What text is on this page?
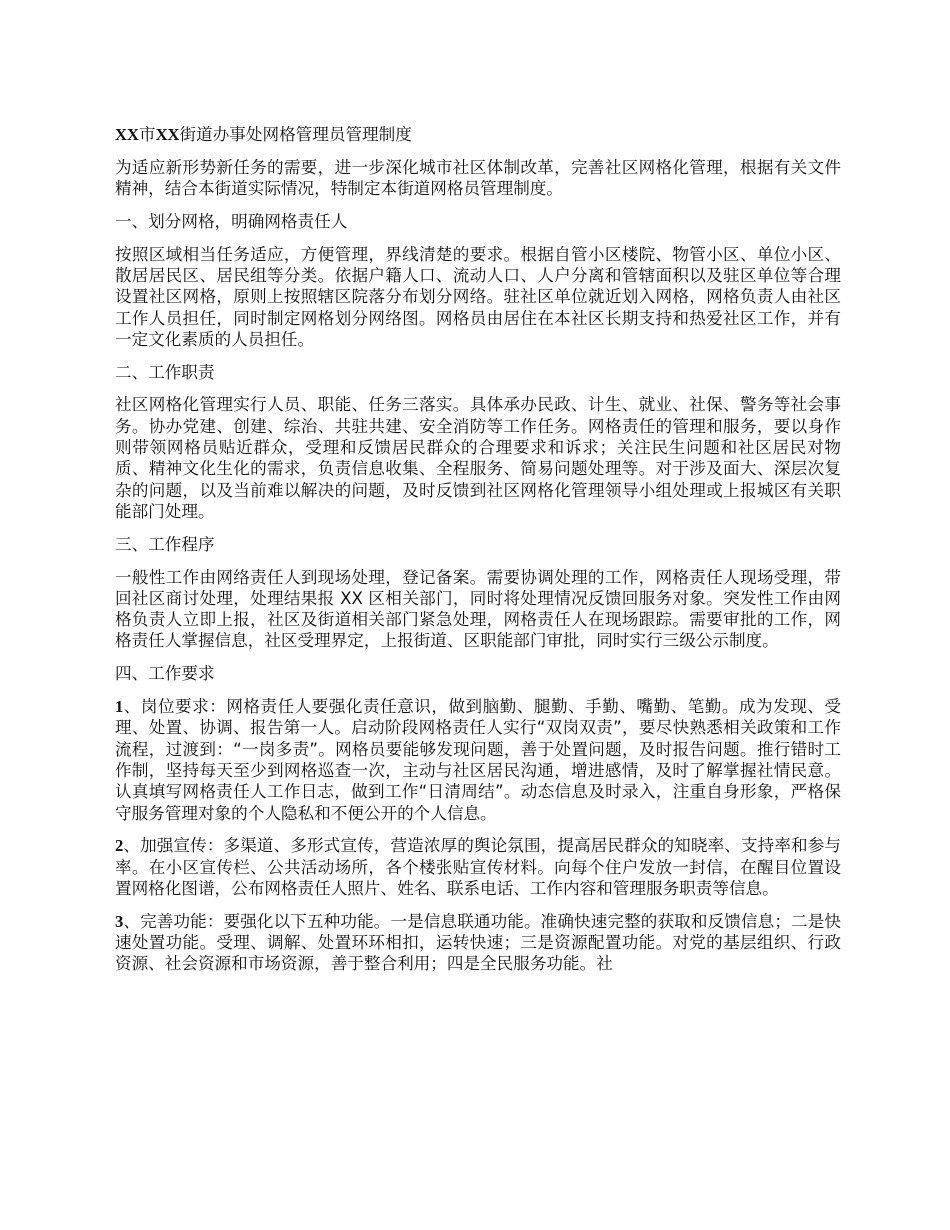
XX市XX街道办事处网格管理员管理制度

为适应新形势新任务的需要，进一步深化城市社区体制改革，完善社区网格化管理，根据有关文件精神，结合本街道实际情况，特制定本街道网格员管理制度。

一、划分网格，明确网格责任人

按照区域相当任务适应，方便管理，界线清楚的要求。根据自管小区楼院、物管小区、单位小区、散居居民区、居民组等分类。依据户籍人口、流动人口、人户分离和管辖面积以及驻区单位等合理设置社区网格，原则上按照辖区院落分布划分网络。驻社区单位就近划入网格，网格负责人由社区工作人员担任，同时制定网格划分网络图。网格员由居住在本社区长期支持和热爱社区工作，并有一定文化素质的人员担任。

二、工作职责

社区网格化管理实行人员、职能、任务三落实。具体承办民政、计生、就业、社保、警务等社会事务。协办党建、创建、综治、共驻共建、安全消防等工作任务。网格责任的管理和服务，要以身作则带领网格员贴近群众，受理和反馈居民群众的合理要求和诉求；关注民生问题和社区居民对物质、精神文化生化的需求，负责信息收集、全程服务、简易问题处理等。对于涉及面大、深层次复杂的问题，以及当前难以解决的问题，及时反馈到社区网格化管理领导小组处理或上报城区有关职能部门处理。

三、工作程序

一般性工作由网络责任人到现场处理，登记备案。需要协调处理的工作，网格责任人现场受理，带回社区商讨处理，处理结果报 XX 区相关部门，同时将处理情况反馈回服务对象。突发性工作由网格负责人立即上报，社区及街道相关部门紧急处理，网格责任人在现场跟踪。需要审批的工作，网格责任人掌握信息，社区受理界定，上报街道、区职能部门审批，同时实行三级公示制度。

四、工作要求

1、岗位要求：网格责任人要强化责任意识，做到脑勤、腿勤、手勤、嘴勤、笔勤。成为发现、受理、处置、协调、报告第一人。启动阶段网格责任人实行“双岗双责”，要尽快熟悉相关政策和工作流程，过渡到：“一岗多责”。网格员要能够发现问题，善于处置问题，及时报告问题。推行错时工作制，坚持每天至少到网格巡查一次，主动与社区居民沟通，增进感情，及时了解掌握社情民意。认真填写网格责任人工作日志，做到工作“日清周结”。动态信息及时录入，注重自身形象，严格保守服务管理对象的个人隐私和不便公开的个人信息。

2、加强宣传：多渠道、多形式宣传，营造浓厚的舆论氛围，提高居民群众的知晓率、支持率和参与率。在小区宣传栏、公共活动场所，各个楼张贴宣传材料。向每个住户发放一封信，在醒目位置设置网格化图谱，公布网格责任人照片、姓名、联系电话、工作内容和管理服务职责等信息。

3、完善功能：要强化以下五种功能。一是信息联通功能。准确快速完整的获取和反馈信息；二是快速处置功能。受理、调解、处置环环相扣，运转快速；三是资源配置功能。对党的基层组织、行政资源、社会资源和市场资源，善于整合利用；四是全民服务功能。社
